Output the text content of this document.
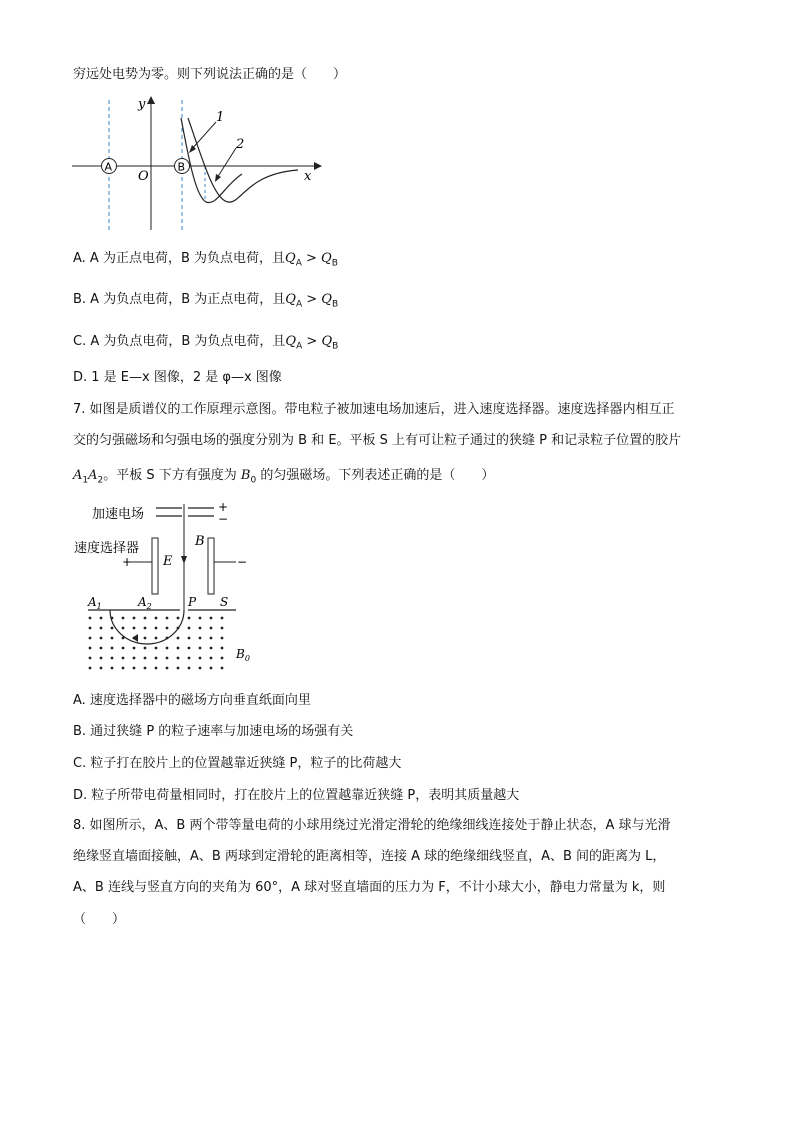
穷远处电势为零。则下列说法正确的是（　　）
y
x
O
A	B
1
2
A. A 为正点电荷，B 为负点电荷，且$Q_A > Q_B$
B. A 为负点电荷，B 为正点电荷，且$Q_A > Q_B$
C. A 为负点电荷，B 为负点电荷，且$Q_A > Q_B$
D. 1 是 E—x 图像，2 是 φ—x 图像
7. 如图是质谱仪的工作原理示意图。带电粒子被加速电场加速后，进入速度选择器。速度选择器内相互正
交的匀强磁场和匀强电场的强度分别为 B 和 E。平板 S 上有可让粒子通过的狭缝 P 和记录粒子位置的胶片
$A_1A_2$。平板 S 下方有强度为 $B_0$ 的匀强磁场。下列表述正确的是（　　）
加速电场	+
−
速度选择器
+	−
E
B
$A_1$	$A_2$	P S
$B_0$
A. 速度选择器中的磁场方向垂直纸面向里
B. 通过狭缝 P 的粒子速率与加速电场的场强有关
C. 粒子打在胶片上的位置越靠近狭缝 P，粒子的比荷越大
D. 粒子所带电荷量相同时，打在胶片上的位置越靠近狭缝 P，表明其质量越大
8. 如图所示，A、B 两个带等量电荷的小球用绕过光滑定滑轮的绝缘细线连接处于静止状态，A 球与光滑
绝缘竖直墙面接触，A、B 两球到定滑轮的距离相等，连接 A 球的绝缘细线竖直，A、B 间的距离为 L，
A、B 连线与竖直方向的夹角为 60°，A 球对竖直墙面的压力为 F，不计小球大小，静电力常量为 k，则
（　　）
